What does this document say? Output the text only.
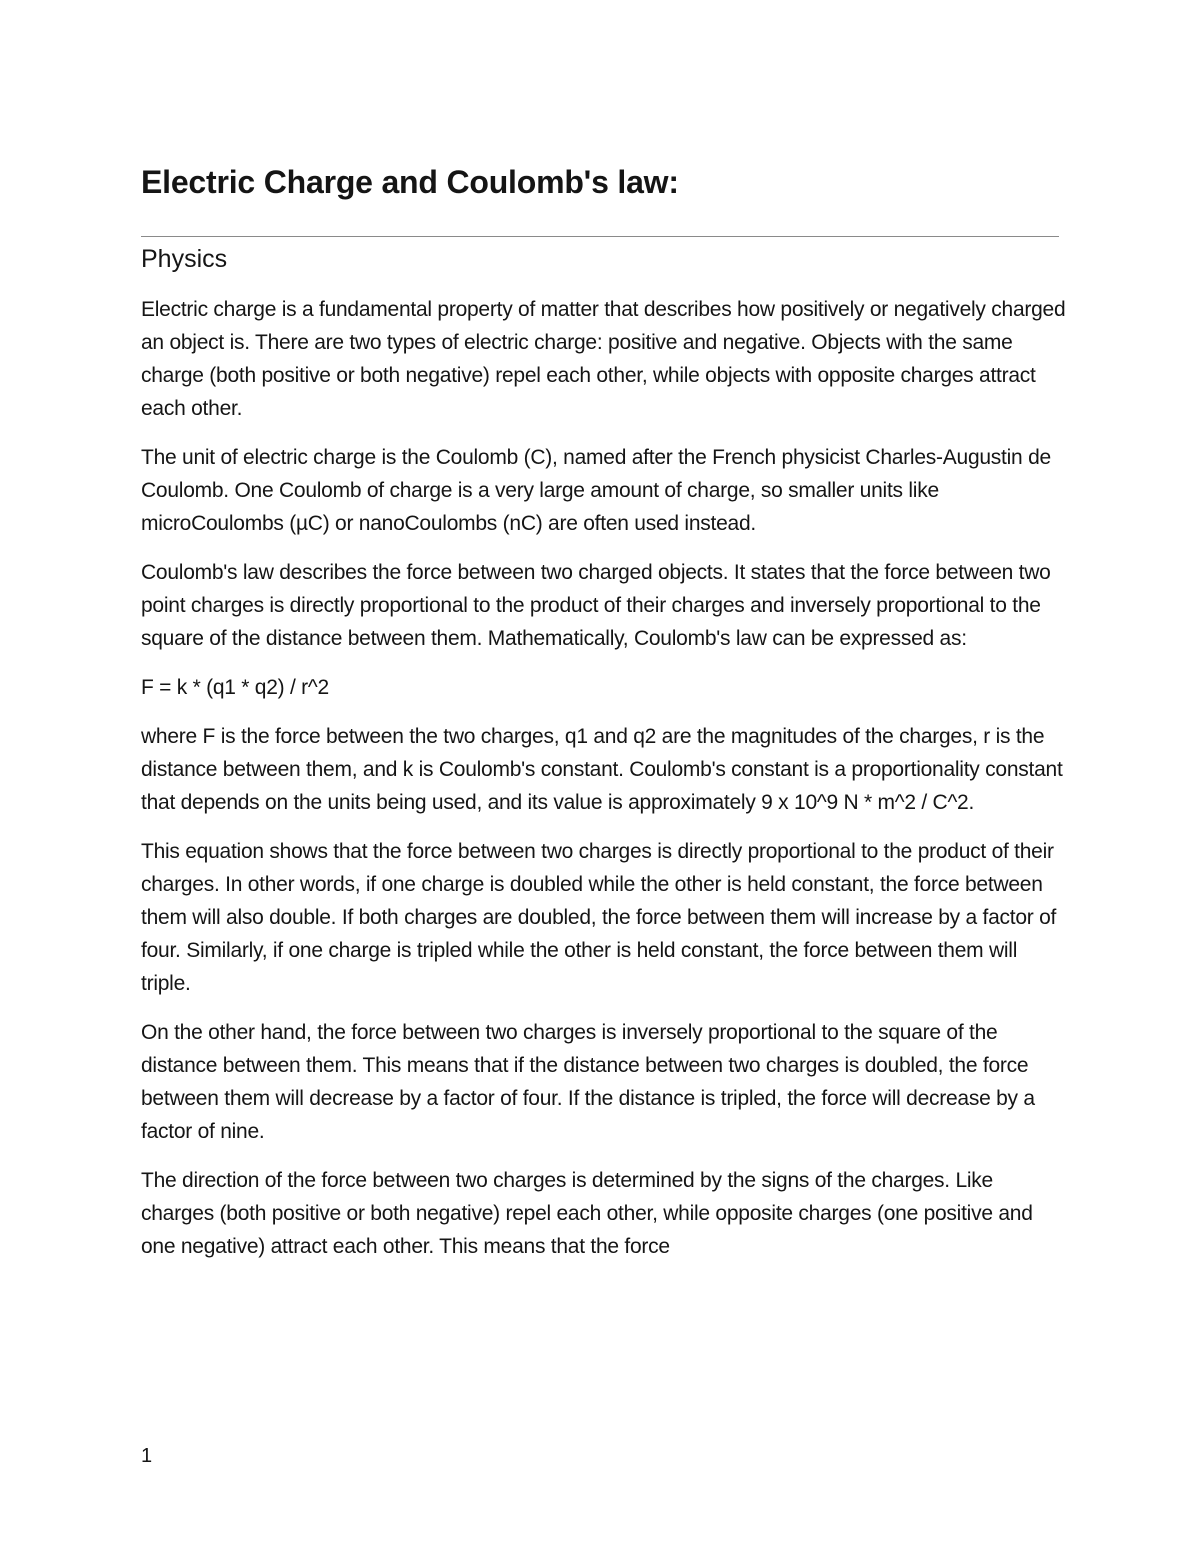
Electric Charge and Coulomb's law:
Physics

Electric charge is a fundamental property of matter that describes how positively or negatively charged an object is. There are two types of electric charge: positive and negative. Objects with the same charge (both positive or both negative) repel each other, while objects with opposite charges attract each other.

The unit of electric charge is the Coulomb (C), named after the French physicist Charles-Augustin de Coulomb. One Coulomb of charge is a very large amount of charge, so smaller units like microCoulombs (µC) or nanoCoulombs (nC) are often used instead.

Coulomb's law describes the force between two charged objects. It states that the force between two point charges is directly proportional to the product of their charges and inversely proportional to the square of the distance between them. Mathematically, Coulomb's law can be expressed as:

F = k * (q1 * q2) / r^2

where F is the force between the two charges, q1 and q2 are the magnitudes of the charges, r is the distance between them, and k is Coulomb's constant. Coulomb's constant is a proportionality constant that depends on the units being used, and its value is approximately 9 x 10^9 N * m^2 / C^2.

This equation shows that the force between two charges is directly proportional to the product of their charges. In other words, if one charge is doubled while the other is held constant, the force between them will also double. If both charges are doubled, the force between them will increase by a factor of four. Similarly, if one charge is tripled while the other is held constant, the force between them will triple.

On the other hand, the force between two charges is inversely proportional to the square of the distance between them. This means that if the distance between two charges is doubled, the force between them will decrease by a factor of four. If the distance is tripled, the force will decrease by a factor of nine.

The direction of the force between two charges is determined by the signs of the charges. Like charges (both positive or both negative) repel each other, while opposite charges (one positive and one negative) attract each other. This means that the force

1
